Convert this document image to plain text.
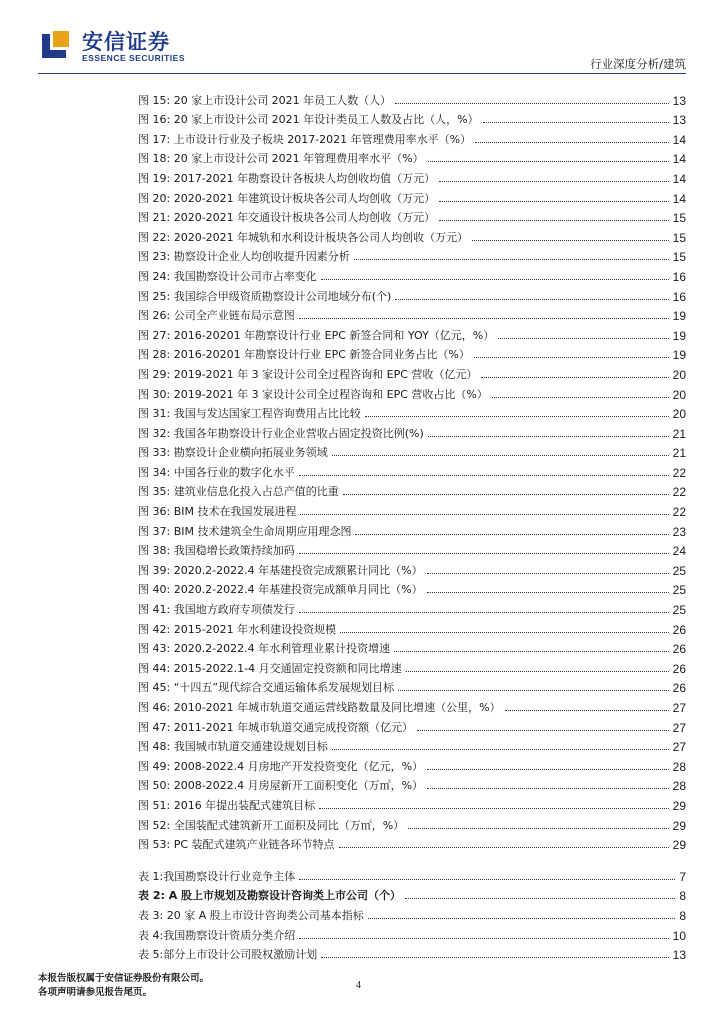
安信证券
ESSENCE SECURITIES	行业深度分析/建筑
图 15: 20 家上市设计公司 2021 年员工人数（人）	13
图 16: 20 家上市设计公司 2021 年设计类员工人数及占比（人，%）	13
图 17: 上市设计行业及子板块 2017-2021 年管理费用率水平（%）	14
图 18: 20 家上市设计公司 2021 年管理费用率水平（%）	14
图 19: 2017-2021 年勘察设计各板块人均创收均值（万元）	14
图 20: 2020-2021 年建筑设计板块各公司人均创收（万元）	14
图 21: 2020-2021 年交通设计板块各公司人均创收（万元）	15
图 22: 2020-2021 年城轨和水利设计板块各公司人均创收（万元）	15
图 23: 勘察设计企业人均创收提升因素分析	15
图 24: 我国勘察设计公司市占率变化	16
图 25: 我国综合甲级资质勘察设计公司地域分布(个)	16
图 26: 公司全产业链布局示意图	19
图 27: 2016-20201 年勘察设计行业 EPC 新签合同和 YOY（亿元，%）	19
图 28: 2016-20201 年勘察设计行业 EPC 新签合同业务占比（%）	19
图 29: 2019-2021 年 3 家设计公司全过程咨询和 EPC 营收（亿元）	20
图 30: 2019-2021 年 3 家设计公司全过程咨询和 EPC 营收占比（%）	20
图 31: 我国与发达国家工程咨询费用占比比较	20
图 32: 我国各年勘察设计行业企业营收占固定投资比例(%)	21
图 33: 勘察设计企业横向拓展业务领域	21
图 34: 中国各行业的数字化水平	22
图 35: 建筑业信息化投入占总产值的比重	22
图 36: BIM 技术在我国发展进程	22
图 37: BIM 技术建筑全生命周期应用理念图	23
图 38: 我国稳增长政策持续加码	24
图 39: 2020.2-2022.4 年基建投资完成额累计同比（%）	25
图 40: 2020.2-2022.4 年基建投资完成额单月同比（%）	25
图 41: 我国地方政府专项债发行	25
图 42: 2015-2021 年水利建设投资规模	26
图 43: 2020.2-2022.4 年水利管理业累计投资增速	26
图 44: 2015-2022.1-4 月交通固定投资额和同比增速	26
图 45: “十四五”现代综合交通运输体系发展规划目标	26
图 46: 2010-2021 年城市轨道交通运营线路数量及同比增速（公里，%）	27
图 47: 2011-2021 年城市轨道交通完成投资额（亿元）	27
图 48: 我国城市轨道交通建设规划目标	27
图 49: 2008-2022.4 月房地产开发投资变化（亿元，%）	28
图 50: 2008-2022.4 月房屋新开工面积变化（万㎡，%）	28
图 51: 2016 年提出装配式建筑目标	29
图 52: 全国装配式建筑新开工面积及同比（万㎡，%）	29
图 53: PC 装配式建筑产业链各环节特点	29
表 1:我国勘察设计行业竞争主体	7
表 2: A 股上市规划及勘察设计咨询类上市公司（个）	8
表 3: 20 家 A 股上市设计咨询类公司基本指标	8
表 4:我国勘察设计资质分类介绍	10
表 5:部分上市设计公司股权激励计划	13
本报告版权属于安信证券股份有限公司。
各项声明请参见报告尾页。
4
